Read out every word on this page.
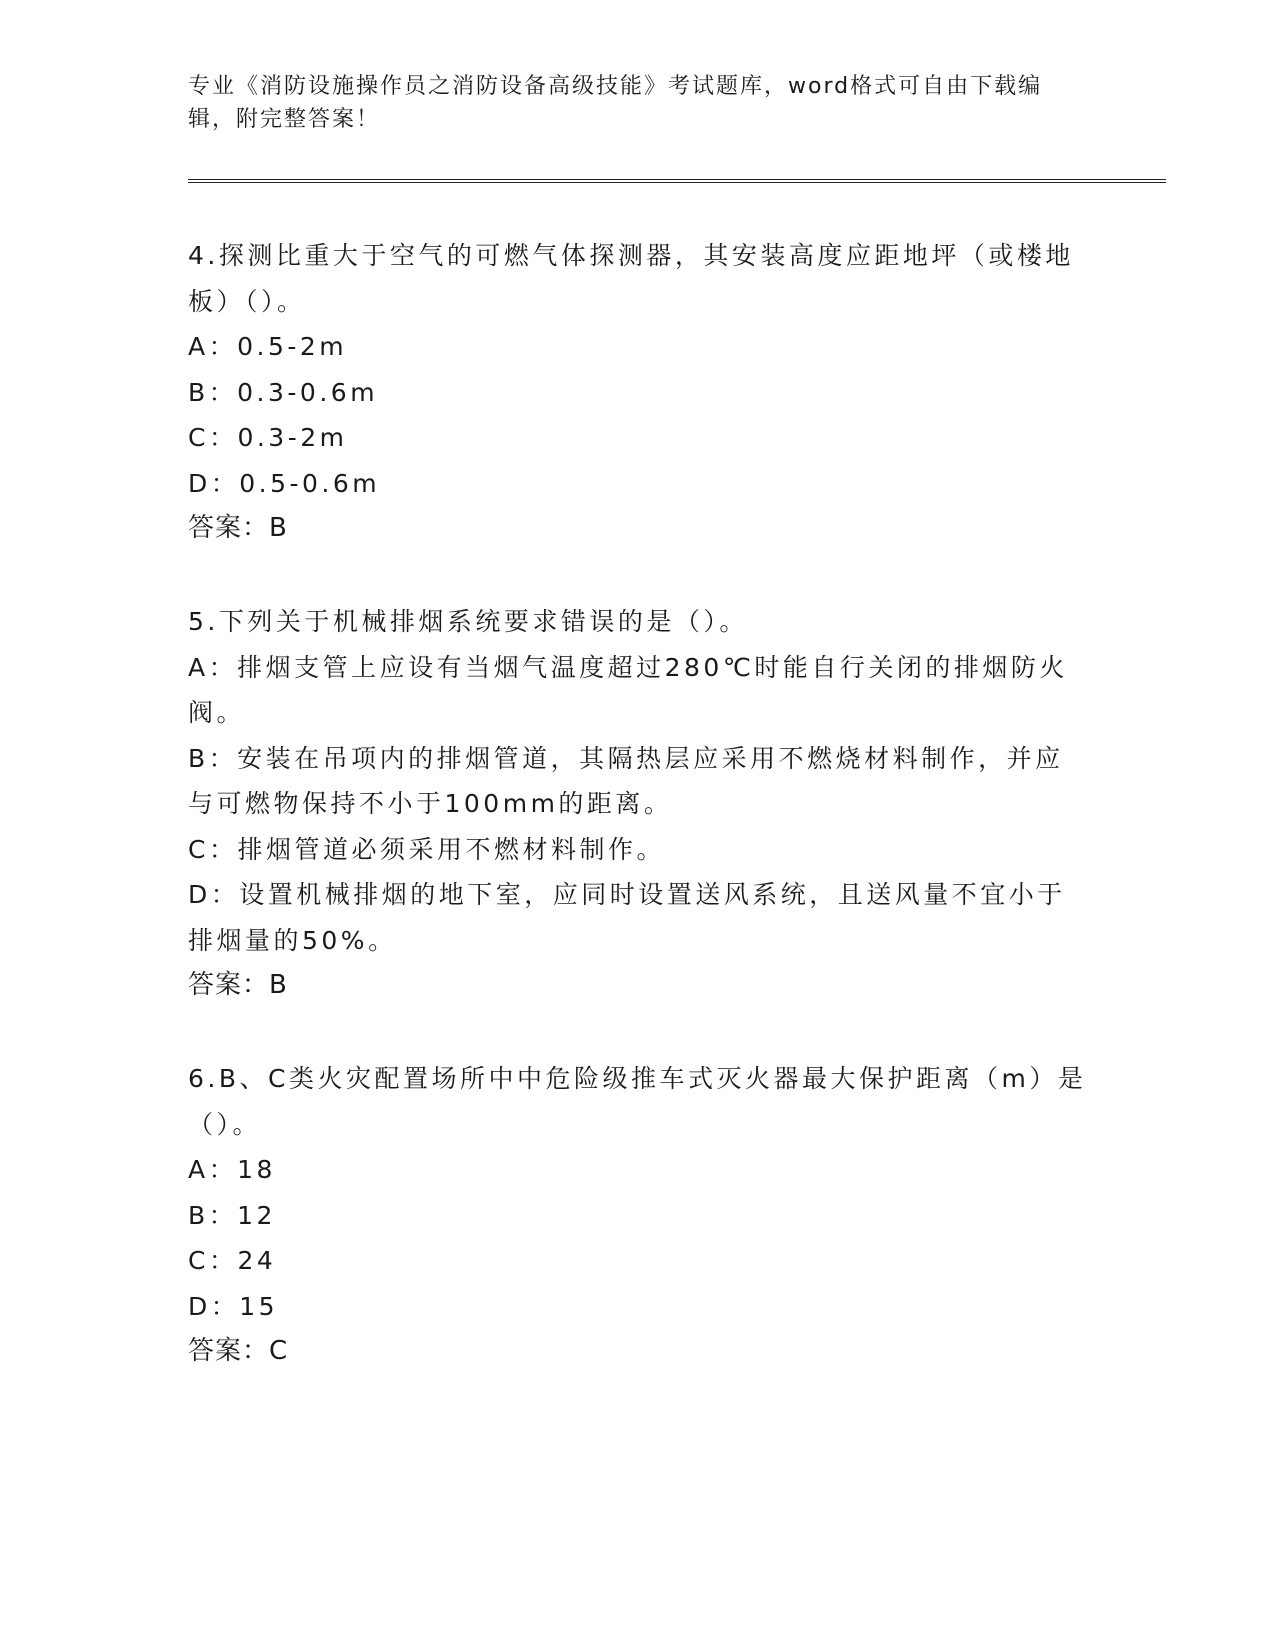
专业《消防设施操作员之消防设备高级技能》考试题库，word格式可自由下载编辑，附完整答案！

4.探测比重大于空气的可燃气体探测器，其安装高度应距地坪（或楼地板）（）。

A：0.5-2m

B：0.3-0.6m

C：0.3-2m

D：0.5-0.6m

答案：B

5.下列关于机械排烟系统要求错误的是（）。

A：排烟支管上应设有当烟气温度超过280℃时能自行关闭的排烟防火阀。

B：安装在吊项内的排烟管道，其隔热层应采用不燃烧材料制作，并应与可燃物保持不小于100mm的距离。

C：排烟管道必须采用不燃材料制作。

D：设置机械排烟的地下室，应同时设置送风系统，且送风量不宜小于排烟量的50%。

答案：B

6.B、C类火灾配置场所中中危险级推车式灭火器最大保护距离（m）是（）。

A：18

B：12

C：24

D：15

答案：C
